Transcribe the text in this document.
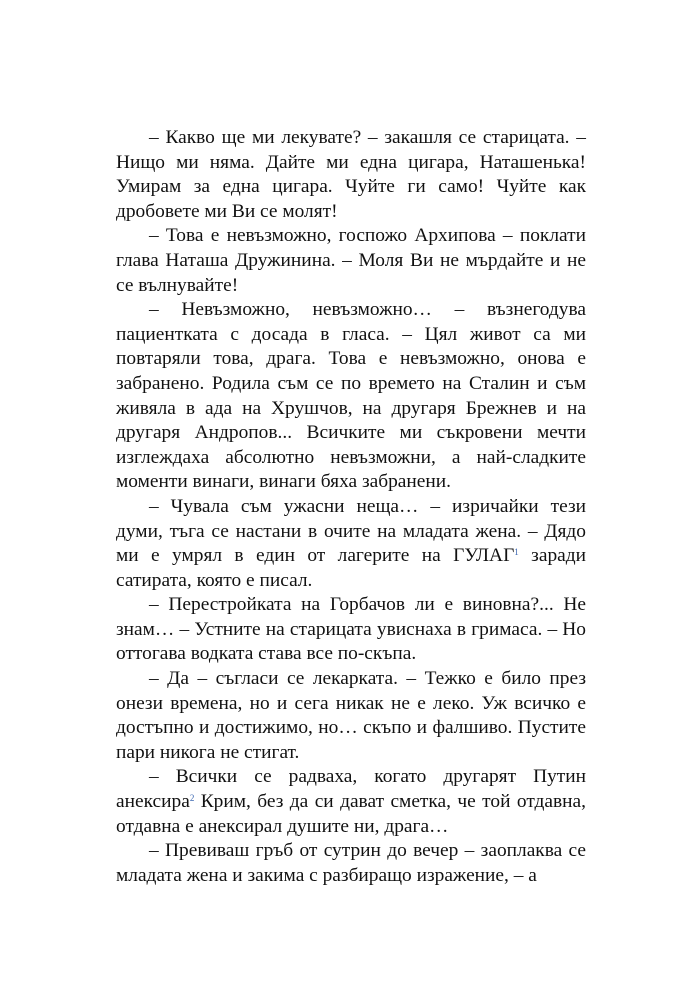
– Какво ще ми лекувате? – закашля се старицата. – Нищо ми няма. Дайте ми една цигара, Наташенька! Умирам за една цигара. Чуйте ги само! Чуйте как дробовете ми Ви се молят!

– Това е невъзможно, госпожо Архипова – поклати глава Наташа Дружинина. – Моля Ви не мърдайте и не се вълнувайте!

– Невъзможно, невъзможно… – възнегодува пациентката с досада в гласа. – Цял живот са ми повтаряли това, драга. Това е невъзможно, онова е забранено. Родила съм се по времето на Сталин и съм живяла в ада на Хрушчов, на другаря Брежнев и на другаря Андропов... Всичките ми съкровени мечти изглеждаха абсолютно невъзможни, а най-сладките моменти винаги, винаги бяха забранени.

– Чувала съм ужасни неща… – изричайки тези думи, тъга се настани в очите на младата жена. – Дядо ми е умрял в един от лагерите на ГУЛАГ$^1$ заради сатирата, която е писал.

– Перестройката на Горбачов ли е виновна?... Не знам… – Устните на старицата увиснаха в гримаса. – Но оттогава водката става все по-скъпа.

– Да – съгласи се лекарката. – Тежко е било през онези времена, но и сега никак не е леко. Уж всичко е достъпно и достижимо, но… скъпо и фалшиво. Пустите пари никога не стигат.

– Всички се радваха, когато другарят Путин анексира$^2$ Крим, без да си дават сметка, че той отдавна, отдавна е анексирал душите ни, драга…

– Превиваш гръб от сутрин до вечер – заоплаква се младата жена и закима с разбиращо изражение, – а
